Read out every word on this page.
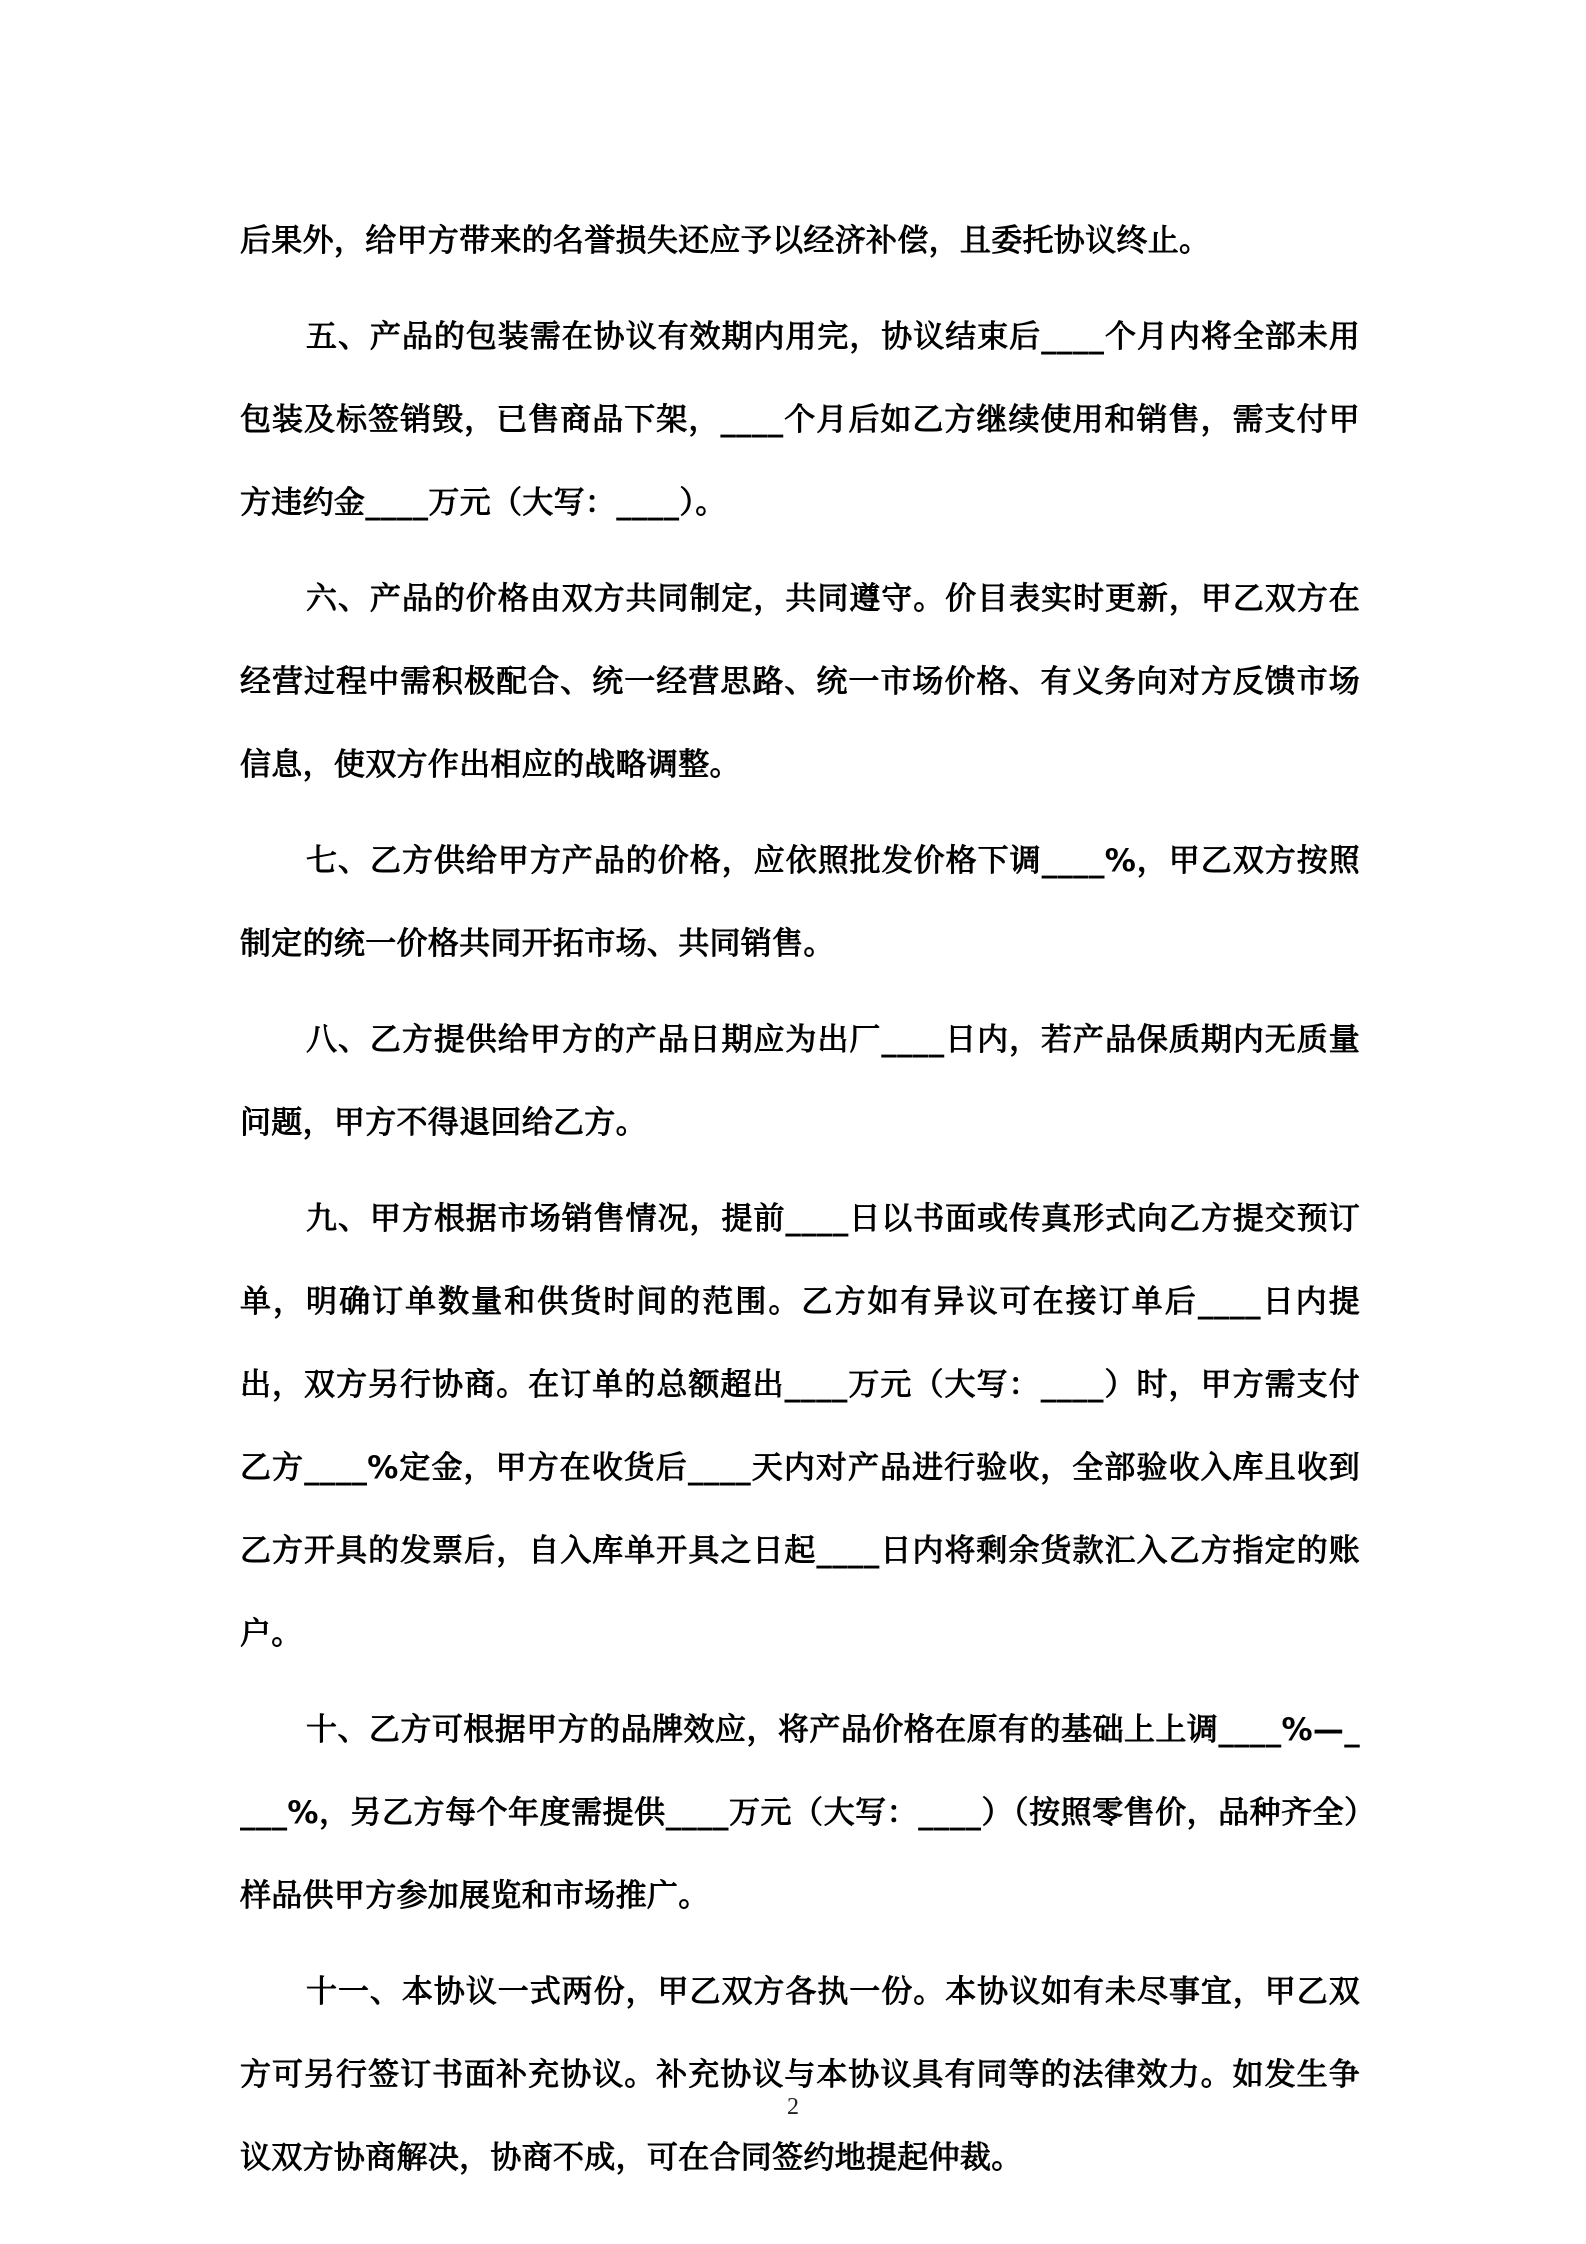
后果外，给甲方带来的名誉损失还应予以经济补偿，且委托协议终止。

五、产品的包装需在协议有效期内用完，协议结束后____个月内将全部未用包装及标签销毁，已售商品下架，____个月后如乙方继续使用和销售，需支付甲方违约金____万元（大写：____）。

六、产品的价格由双方共同制定，共同遵守。价目表实时更新，甲乙双方在经营过程中需积极配合、统一经营思路、统一市场价格、有义务向对方反馈市场信息，使双方作出相应的战略调整。

七、乙方供给甲方产品的价格，应依照批发价格下调____%，甲乙双方按照制定的统一价格共同开拓市场、共同销售。

八、乙方提供给甲方的产品日期应为出厂____日内，若产品保质期内无质量问题，甲方不得退回给乙方。

九、甲方根据市场销售情况，提前____日以书面或传真形式向乙方提交预订单，明确订单数量和供货时间的范围。乙方如有异议可在接订单后____日内提出，双方另行协商。在订单的总额超出____万元（大写：____）时，甲方需支付乙方____%定金，甲方在收货后____天内对产品进行验收，全部验收入库且收到乙方开具的发票后，自入库单开具之日起____日内将剩余货款汇入乙方指定的账户。

十、乙方可根据甲方的品牌效应，将产品价格在原有的基础上上调____%—____%，另乙方每个年度需提供____万元（大写：____）（按照零售价，品种齐全）样品供甲方参加展览和市场推广。

十一、本协议一式两份，甲乙双方各执一份。本协议如有未尽事宜，甲乙双方可另行签订书面补充协议。补充协议与本协议具有同等的法律效力。如发生争议双方协商解决，协商不成，可在合同签约地提起仲裁。

2
